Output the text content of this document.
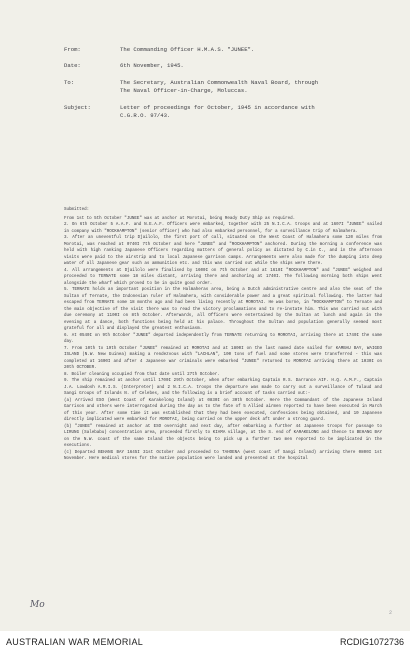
From:	The Commanding Officer H.M.A.S. "JUNEE".
Date:	6th November, 1945.
To:	The Secretary, Australian Commonwealth Naval Board, through
The Naval Officer-in-Charge, Moluccas.
Subject:	Letter of proceedings for October, 1945 in accordance with
C.G.R.O. 97/43.

Submitted:

From 1st to 5th October "JUNEE" was at anchor at Morotai, being Ready Duty Ship as required.

2. On 6th October 5 A.A.F. and N.E.A.F. Officers were embarked, together with 25 N.I.C.A. troops and at 1607I "JUNEE" sailed in company with "ROCKHAMPTON" (senior officer) who had also embarked personnel, for a surveillance trip of Halmahera.

3. After an uneventful trip Djailolo, the first port of call, situated on the West Coast of Halmahera some 120 miles from Morotai, was reached at 0740I 7th October and here "JUNEE" and "ROCKHAMPTON" anchored. During the morning a conference was held with high ranking Japanese Officers regarding matters of general policy as dictated by C.in C., and in the afternoon visits were paid to the airstrip and to local Japanese garrison camps. Arrangements were also made for the dumping into deep water of all Japanese gear such as ammunition etc. and this was carried out while the ships were there.

4. All arrangements at Djailolo were finalised by 1600I on 7th October and at 1610I "ROCKHAMPTON" and "JUNEE" weighed and proceeded to TERNATE some 18 miles distant, arriving there and anchoring at 1740I. The following morning both ships went alongside the wharf which proved to be in quite good order.

5. TERNATE holds an important position in the Halmaheras area, being a Dutch administrative centre and also the seat of the Sultan of Ternate, the Indonesian ruler of Halmahera, with considerable power and a great spiritual following. The latter had escaped from TERNATE some 18 months ago and had been living recently at MOROTAI. He was borne, in "ROCKHAMPTON" to Ternate and the main objective of the visit there was to read the victory proclamations and to re-instate him. This was carried out with due ceremony at 1100I on 8th October. Afterwards, all Officers were entertained by the Sultan at lunch and again in the evening at a dance, both functions being held at his palace. Throughout the Sultan and population generally seemed most grateful for all and displayed the greatest enthusiasm.

6. At 0540I on 9th October "JUNEE" departed independently from TERNATE returning to MOROTAI, arriving there at 1740I the same day.

7. From 10th to 19th October "JUNEE" remained at MOROTAI and at 1800I on the last named date sailed for KAMBAU BAY, WAIGEO ISLAND (N.W. New Guinea) making a rendezvous with "LACHLAN", 100 tons of fuel and some stores were transferred - this was completed at 1600I and after 4 Japanese war criminals were embarked "JUNEE" returned to MOROTAI arriving there at 1030I on 20th OCTOBER.

8. Boiler cleaning occupied from that date until 27th October.

9. The ship remained at anchor until 1700I 29th October, when after embarking Captain R.S. Darrance AIF. H.Q. A.M.F., Captain J.A. Lowdosh A.R.I.S. (Interpreter) and 2 N.I.C.A. troops the departure was made to carry out a surveillance of Talaud and Sangi Groups of Islands N. of Celebes, and the following is a brief account of tasks carried out:-

(a) Arrived ESO (West Coast of Karakelong Island) at 0830I on 30th October. Here the Commandant of the Japanese Island Garrison and others were interrogated during the day as to the fate of 5 Allied airmen reported to have been executed in March of this year. After some time it was established that they had been executed, confessions being obtained, and 10 Japanese directly implicated were embarked for MOROTAI, being carried on the upper deck aft under a strong guard.

(b) "JUNEE" remained at anchor at ESO overnight and next day, after embarking a further 44 Japanese troops for passage to LIRUNG (Salebabu) concentration area, proceeded firstly to KIAMA village, at the S. end of KARAKELONG and thence to BEHANG BAY on the N.W. coast of the same Island the objects being to pick up a further two men reported to be implicated in the executions.

(c) Departed BEHANG BAY 1645I 31st October and proceeded to TAHOENA (west coast of Sangi Island) arriving there 0800I 1st November. Here medical stores for the native population were landed and presented at the hospital

Mo
2
AUSTRALIAN WAR MEMORIAL	RCDIG1072736
